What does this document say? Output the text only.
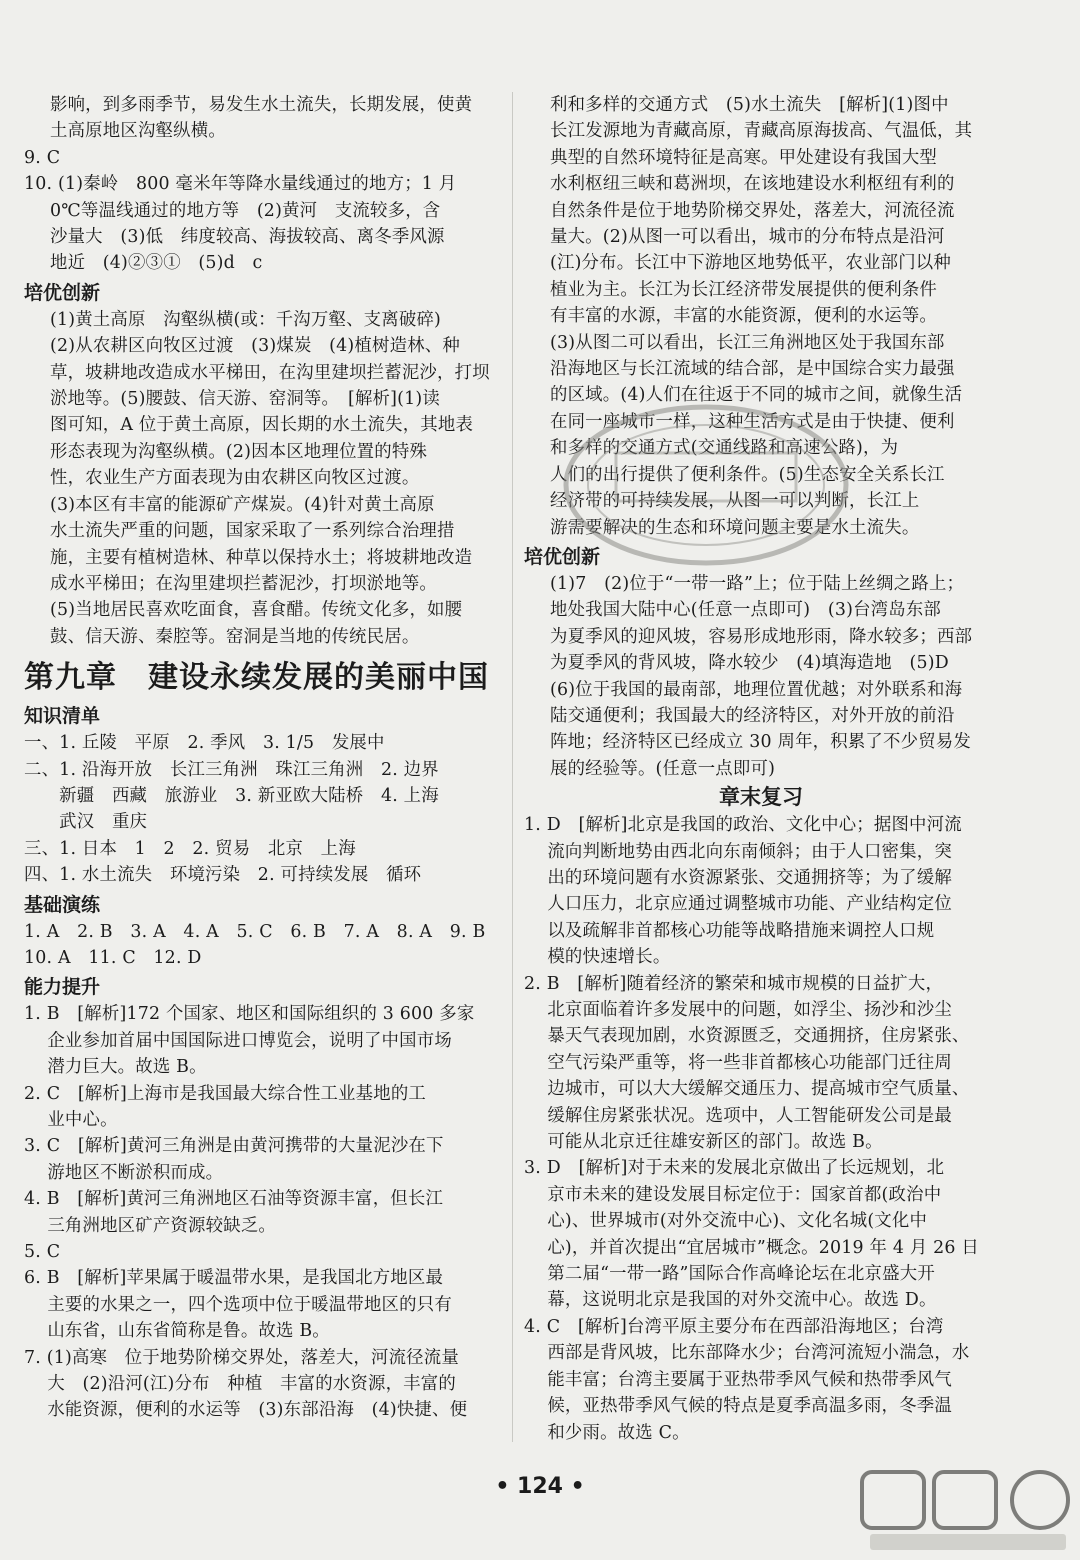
影响，到多雨季节，易发生水土流失，长期发展，使黄

土高原地区沟壑纵横。

9. C

10. (1)秦岭　800 毫米年等降水量线通过的地方；1 月

0℃等温线通过的地方等　(2)黄河　支流较多，含

沙量大　(3)低　纬度较高、海拔较高、离冬季风源

地近　(4)②③①　(5)d　c

培优创新

(1)黄土高原　沟壑纵横(或：千沟万壑、支离破碎)

(2)从农耕区向牧区过渡　(3)煤炭　(4)植树造林、种

草，坡耕地改造成水平梯田，在沟里建坝拦蓄泥沙，打坝

淤地等。(5)腰鼓、信天游、窑洞等。　[解析](1)读

图可知，A 位于黄土高原，因长期的水土流失，其地表

形态表现为沟壑纵横。(2)因本区地理位置的特殊

性，农业生产方面表现为由农耕区向牧区过渡。

(3)本区有丰富的能源矿产煤炭。(4)针对黄土高原

水土流失严重的问题，国家采取了一系列综合治理措

施，主要有植树造林、种草以保持水土；将坡耕地改造

成水平梯田；在沟里建坝拦蓄泥沙，打坝淤地等。

(5)当地居民喜欢吃面食，喜食醋。传统文化多，如腰

鼓、信天游、秦腔等。窑洞是当地的传统民居。

第九章　建设永续发展的美丽中国

知识清单

一、1. 丘陵　平原　2. 季风　3. 1/5　发展中

二、1. 沿海开放　长江三角洲　珠江三角洲　2. 边界

　　新疆　西藏　旅游业　3. 新亚欧大陆桥　4. 上海

　　武汉　重庆

三、1. 日本　1　2　2. 贸易　北京　上海

四、1. 水土流失　环境污染　2. 可持续发展　循环

基础演练

1. A　2. B　3. A　4. A　5. C　6. B　7. A　8. A　9. B

10. A　11. C　12. D

能力提升

1. B　[解析]172 个国家、地区和国际组织的 3 600 多家

　 企业参加首届中国国际进口博览会，说明了中国市场

　 潜力巨大。故选 B。

2. C　[解析]上海市是我国最大综合性工业基地的工

　 业中心。

3. C　[解析]黄河三角洲是由黄河携带的大量泥沙在下

　 游地区不断淤积而成。

4. B　[解析]黄河三角洲地区石油等资源丰富，但长江

　 三角洲地区矿产资源较缺乏。

5. C

6. B　[解析]苹果属于暖温带水果，是我国北方地区最

　 主要的水果之一，四个选项中位于暖温带地区的只有

　 山东省，山东省简称是鲁。故选 B。

7. (1)高寒　位于地势阶梯交界处，落差大，河流径流量

　 大　(2)沿河(江)分布　种植　丰富的水资源，丰富的

　 水能资源，便利的水运等　(3)东部沿海　(4)快捷、便

利和多样的交通方式　(5)水土流失　[解析](1)图中

长江发源地为青藏高原，青藏高原海拔高、气温低，其

典型的自然环境特征是高寒。甲处建设有我国大型

水利枢纽三峡和葛洲坝，在该地建设水利枢纽有利的

自然条件是位于地势阶梯交界处，落差大，河流径流

量大。(2)从图一可以看出，城市的分布特点是沿河

(江)分布。长江中下游地区地势低平，农业部门以种

植业为主。长江为长江经济带发展提供的便利条件

有丰富的水源，丰富的水能资源，便利的水运等。

(3)从图二可以看出，长江三角洲地区处于我国东部

沿海地区与长江流域的结合部，是中国综合实力最强

的区域。(4)人们在往返于不同的城市之间，就像生活

在同一座城市一样，这种生活方式是由于快捷、便利

和多样的交通方式(交通线路和高速公路)，为

人们的出行提供了便利条件。(5)生态安全关系长江

经济带的可持续发展，从图一可以判断，长江上

游需要解决的生态和环境问题主要是水土流失。

培优创新

(1)7　(2)位于“一带一路”上；位于陆上丝绸之路上；

地处我国大陆中心(任意一点即可)　(3)台湾岛东部

为夏季风的迎风坡，容易形成地形雨，降水较多；西部

为夏季风的背风坡，降水较少　(4)填海造地　(5)D

(6)位于我国的最南部，地理位置优越；对外联系和海

陆交通便利；我国最大的经济特区，对外开放的前沿

阵地；经济特区已经成立 30 周年，积累了不少贸易发

展的经验等。(任意一点即可)

章末复习

1. D　[解析]北京是我国的政治、文化中心；据图中河流

　 流向判断地势由西北向东南倾斜；由于人口密集，突

　 出的环境问题有水资源紧张、交通拥挤等；为了缓解

　 人口压力，北京应通过调整城市功能、产业结构定位

　 以及疏解非首都核心功能等战略措施来调控人口规

　 模的快速增长。

2. B　[解析]随着经济的繁荣和城市规模的日益扩大，

　 北京面临着许多发展中的问题，如浮尘、扬沙和沙尘

　 暴天气表现加剧，水资源匮乏，交通拥挤，住房紧张、

　 空气污染严重等，将一些非首都核心功能部门迁往周

　 边城市，可以大大缓解交通压力、提高城市空气质量、

　 缓解住房紧张状况。选项中，人工智能研发公司是最

　 可能从北京迁往雄安新区的部门。故选 B。

3. D　[解析]对于未来的发展北京做出了长远规划，北

　 京市未来的建设发展目标定位于：国家首都(政治中

　 心)、世界城市(对外交流中心)、文化名城(文化中

　 心)，并首次提出“宜居城市”概念。2019 年 4 月 26 日

　 第二届“一带一路”国际合作高峰论坛在北京盛大开

　 幕，这说明北京是我国的对外交流中心。故选 D。

4. C　[解析]台湾平原主要分布在西部沿海地区；台湾

　 西部是背风坡，比东部降水少；台湾河流短小湍急，水

　 能丰富；台湾主要属于亚热带季风气候和热带季风气

　 候，亚热带季风气候的特点是夏季高温多雨，冬季温

　 和少雨。故选 C。

• 124 •
